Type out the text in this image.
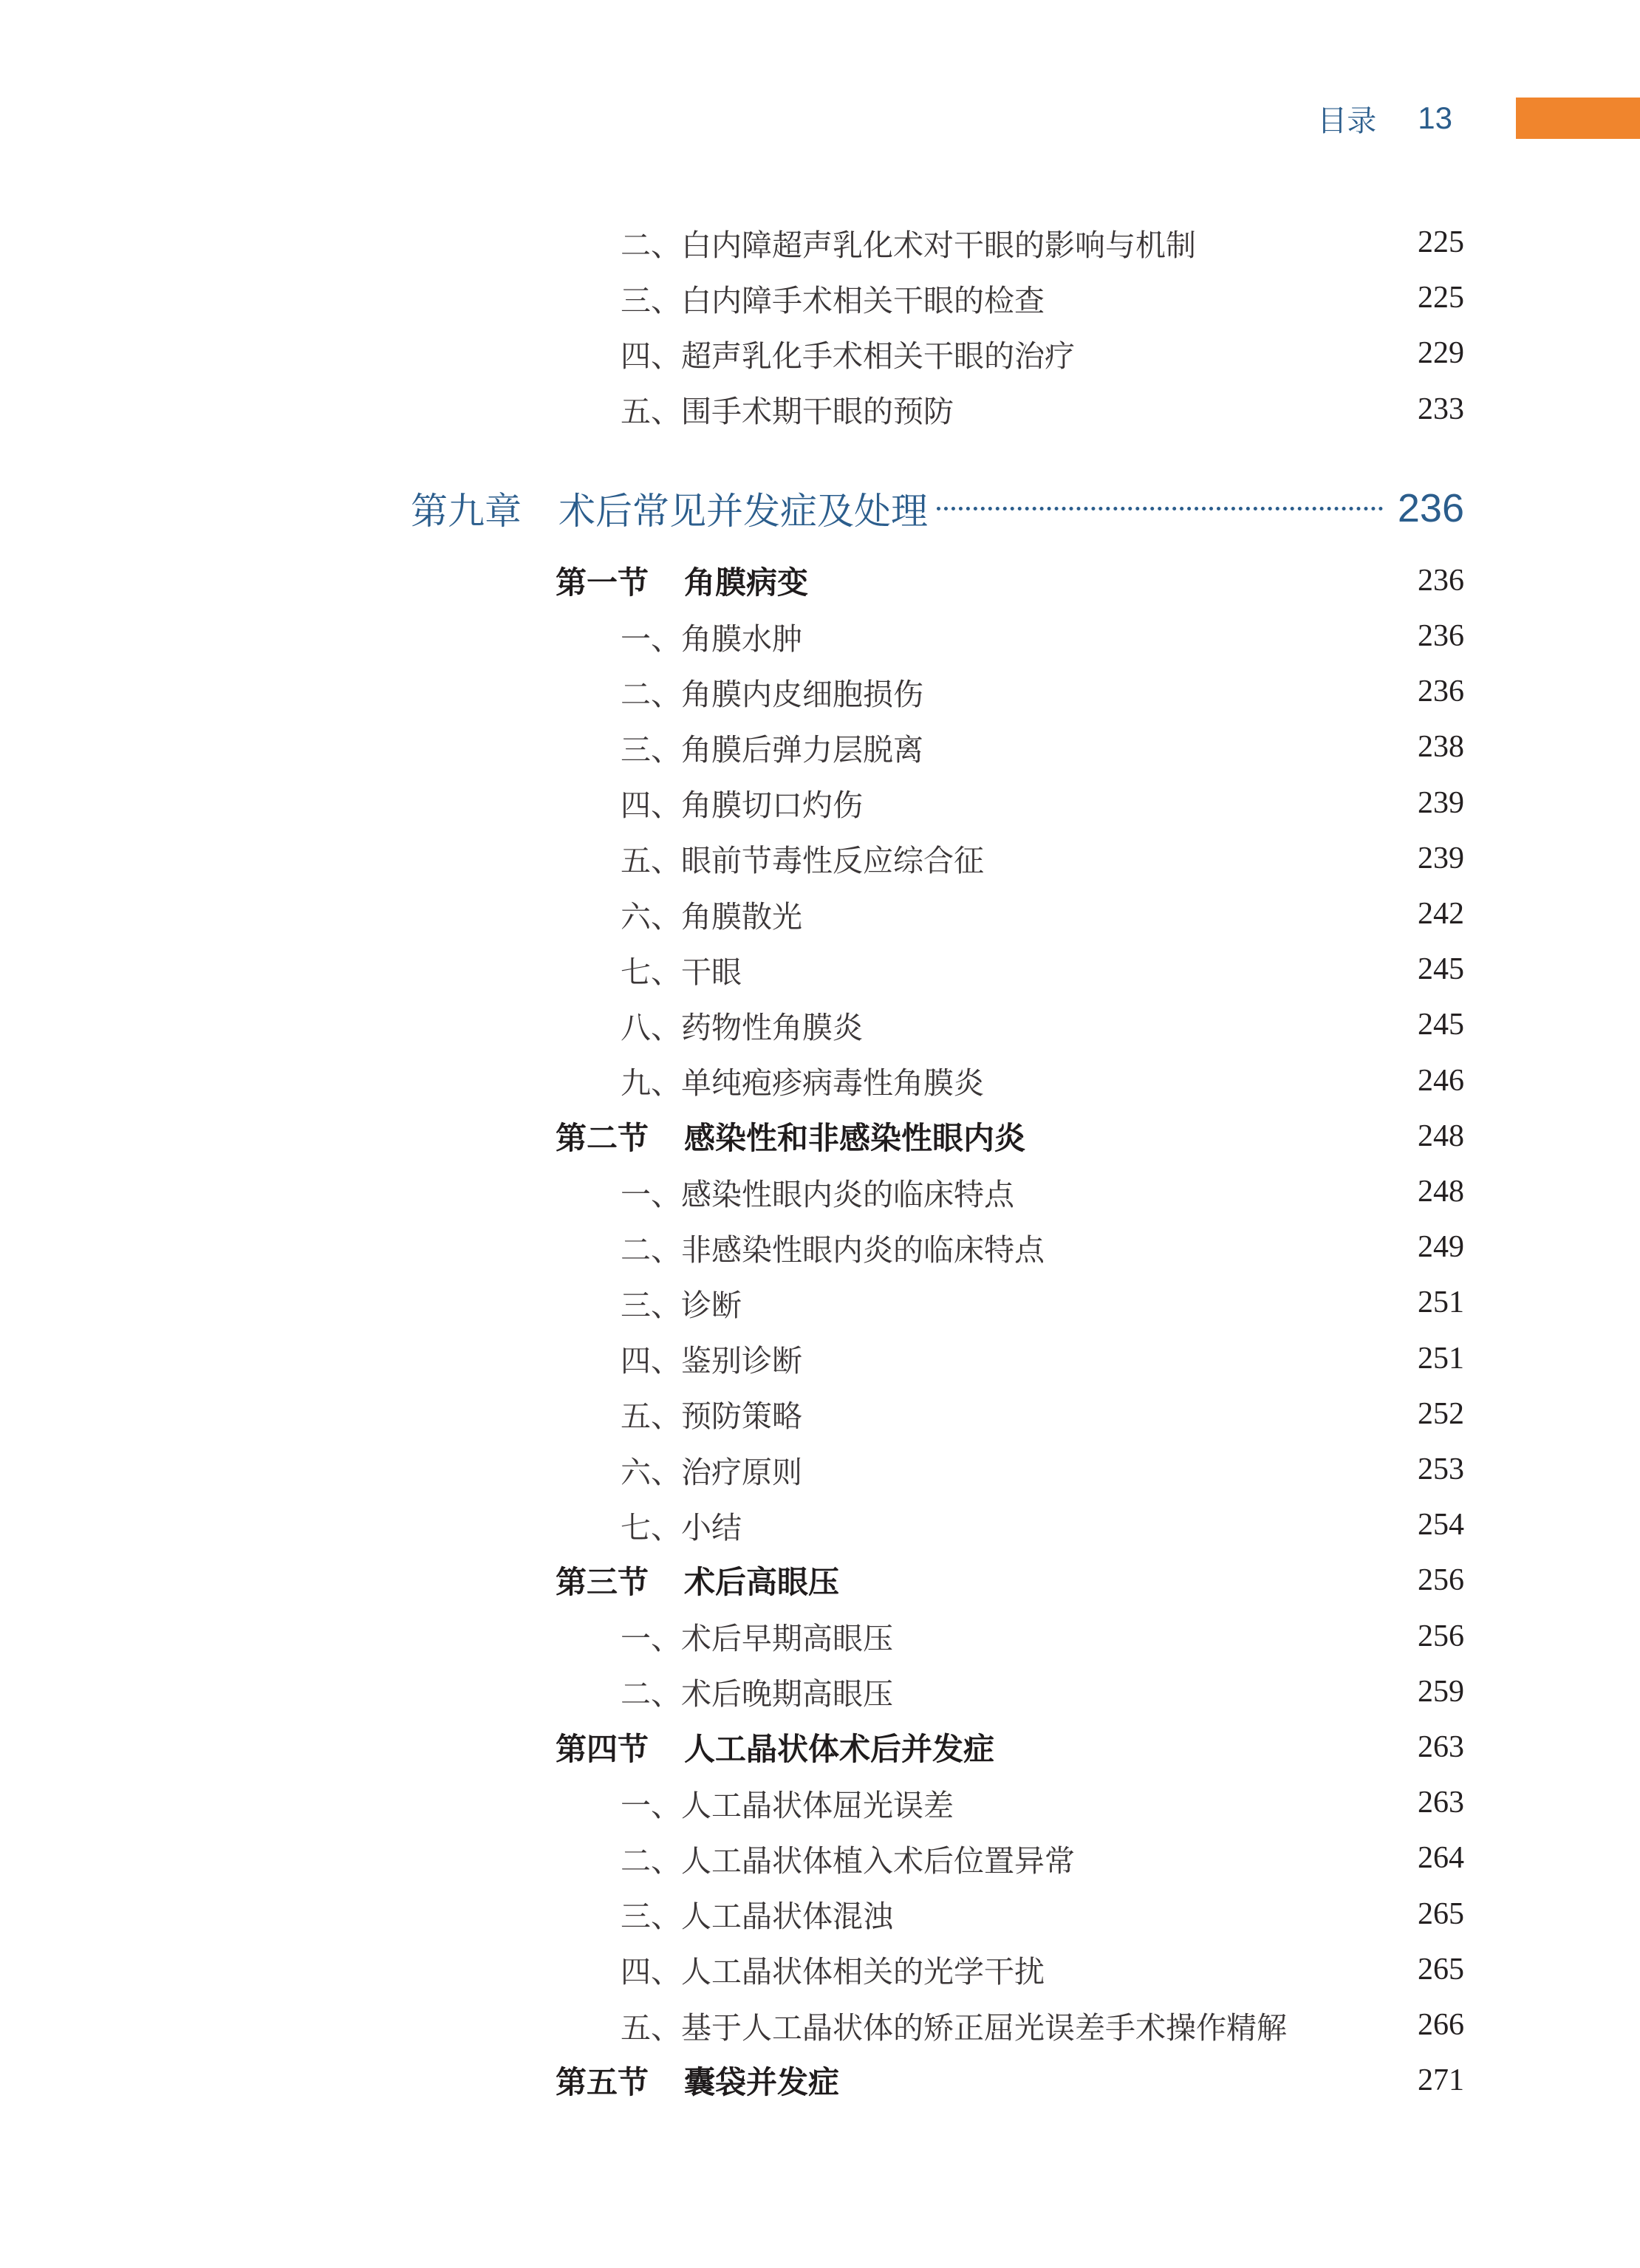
目录 13
二、白内障超声乳化术对干眼的影响与机制	225
三、白内障手术相关干眼的检查	225
四、超声乳化手术相关干眼的治疗	229
五、围手术期干眼的预防	233
第九章	术后常见并发症及处理	236
第一节 角膜病变	236
一、角膜水肿	236
二、角膜内皮细胞损伤	236
三、角膜后弹力层脱离	238
四、角膜切口灼伤	239
五、眼前节毒性反应综合征	239
六、角膜散光	242
七、干眼	245
八、药物性角膜炎	245
九、单纯疱疹病毒性角膜炎	246
第二节 感染性和非感染性眼内炎	248
一、感染性眼内炎的临床特点	248
二、非感染性眼内炎的临床特点	249
三、诊断	251
四、鉴别诊断	251
五、预防策略	252
六、治疗原则	253
七、小结	254
第三节 术后高眼压	256
一、术后早期高眼压	256
二、术后晚期高眼压	259
第四节 人工晶状体术后并发症	263
一、人工晶状体屈光误差	263
二、人工晶状体植入术后位置异常	264
三、人工晶状体混浊	265
四、人工晶状体相关的光学干扰	265
五、基于人工晶状体的矫正屈光误差手术操作精解	266
第五节 囊袋并发症	271
